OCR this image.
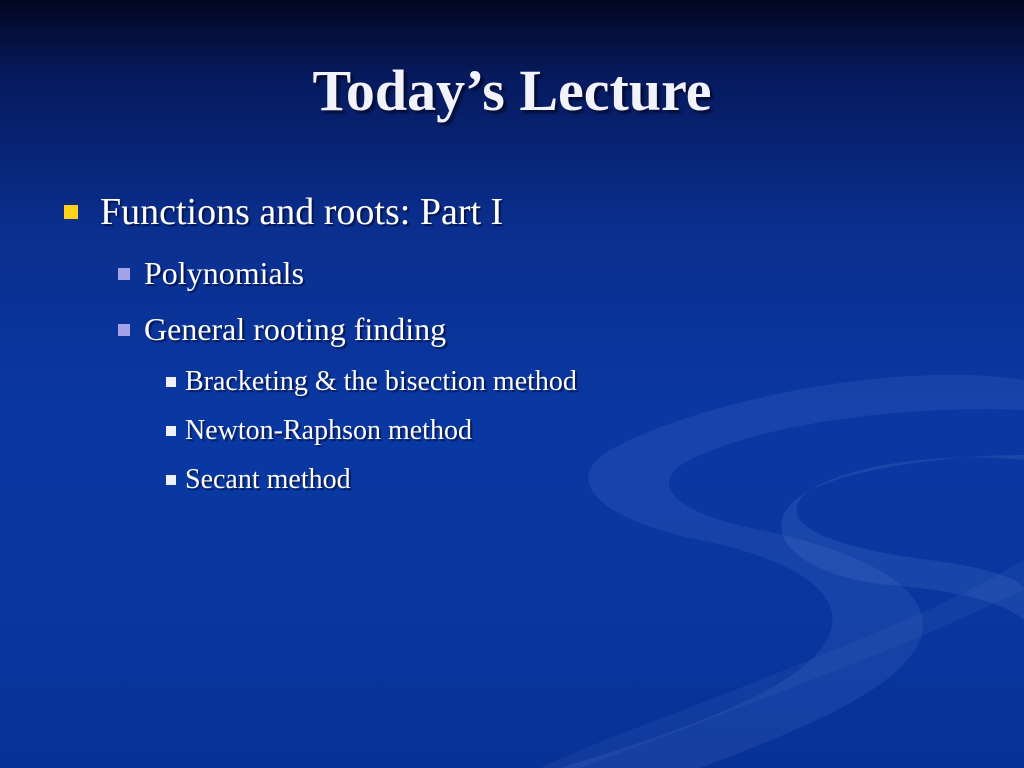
Today’s Lecture
Functions and roots: Part I
Polynomials
General rooting finding
Bracketing & the bisection method
Newton-Raphson method
Secant method
